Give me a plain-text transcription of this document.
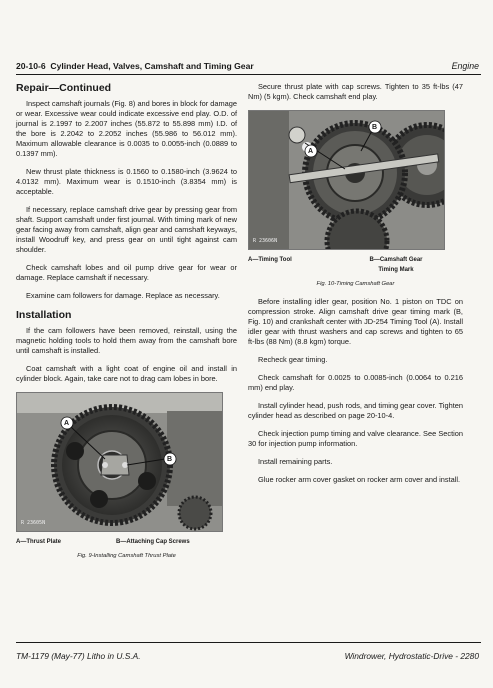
20-10-6 Cylinder Head, Valves, Camshaft and Timing Gear	Engine
Repair—Continued

Inspect camshaft journals (Fig. 8) and bores in block for damage or wear. Excessive wear could indicate excessive end play. O.D. of journal is 2.1997 to 2.2007 inches (55.872 to 55.898 mm) I.D. of the bore is 2.2042 to 2.2052 inches (55.986 to 56.012 mm). Maximum allowable clearance is 0.0035 to 0.0055-inch (0.0889 to 0.1397 mm).

New thrust plate thickness is 0.1560 to 0.1580-inch (3.9624 to 4.0132 mm). Maximum wear is 0.1510-inch (3.8354 mm) is acceptable.

If necessary, replace camshaft drive gear by pressing gear from shaft. Support camshaft under first journal. With timing mark of new gear facing away from camshaft, align gear and camshaft keyways, install Woodruff key, and press gear on until tight against cam shoulder.

Check camshaft lobes and oil pump drive gear for wear or damage. Replace camshaft if necessary.

Examine cam followers for damage. Replace as necessary.

Installation

If the cam followers have been removed, reinstall, using the magnetic holding tools to hold them away from the camshaft bore until camshaft is installed.

Coat camshaft with a light coat of engine oil and install in cylinder block. Again, take care not to drag cam lobes in bore.

A
B
R 23605N
A—Thrust Plate	B—Attaching Cap Screws
Fig. 9-Installing Camshaft Thrust Plate

Secure thrust plate with cap screws. Tighten to 35 ft-lbs (47 Nm) (5 kgm). Check camshaft end play.

A
B
R 23606N
A—Timing Tool	B—Camshaft Gear
Timing Mark
Fig. 10-Timing Camshaft Gear

Before installing idler gear, position No. 1 piston on TDC on compression stroke. Align camshaft drive gear timing mark (B, Fig. 10) and crankshaft center with JD-254 Timing Tool (A). Install idler gear with thrust washers and cap screws and tighten to 65 ft-lbs (88 Nm) (8.8 kgm) torque.

Recheck gear timing.

Check camshaft for 0.0025 to 0.0085-inch (0.0064 to 0.216 mm) end play.

Install cylinder head, push rods, and timing gear cover. Tighten cylinder head as described on page 20-10-4.

Check injection pump timing and valve clearance. See Section 30 for injection pump information.

Install remaining parts.

Glue rocker arm cover gasket on rocker arm cover and install.

TM-1179 (May-77) Litho in U.S.A.	Windrower, Hydrostatic-Drive - 2280
